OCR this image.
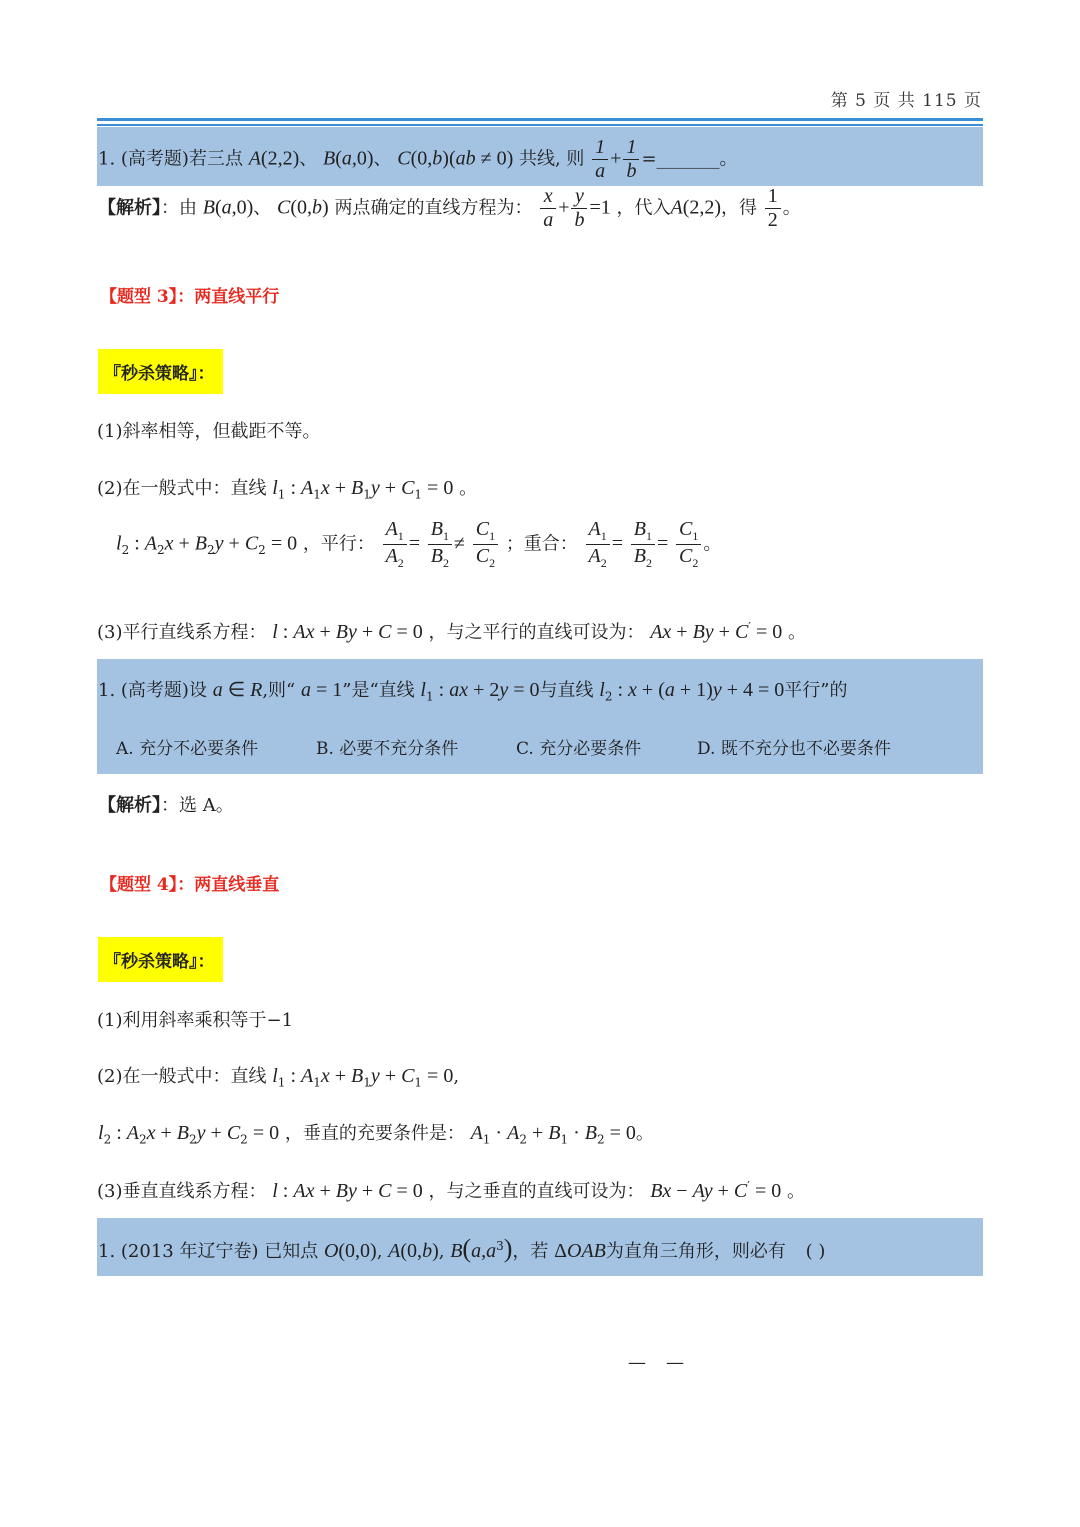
第 5 页 共 115 页
1. (高考题)若三点 A(2,2)、 B(a,0)、 C(0,b)(ab ≠ 0) 共线, 则 $\frac{1}{a} + \frac{1}{b}$ =_______。
【解析】：由 B(a,0)、 C(0,b) 两点确定的直线方程为： $\frac{x}{a} + \frac{y}{b} =1$ ，代入A(2,2)，得 $\frac{1}{2}$ 。
【题型 3】：两直线平行
『秒杀策略』：
(1)斜率相等，但截距不等。
(2)在一般式中：直线 $l_1$ : $A_1x + B_1y + C_1 = 0$ 。
$l_2$ : $A_2x + B_2y + C_2 = 0$ ，平行： $\frac{A_1}{A_2} = \frac{B_1}{B_2} \ne \frac{C_1}{C_2}$ ；重合： $\frac{A_1}{A_2} = \frac{B_1}{B_2} = \frac{C_1}{C_2}$ 。
(3)平行直线系方程： l : Ax + By + C = 0 ，与之平行的直线可设为： Ax + By + C′ = 0 。
1. (高考题)设 a ∈ R,则“ a = 1”是“直线 $l_1$ : ax + 2y = 0与直线 $l_2$ : x + (a + 1)y + 4 = 0平行”的
A. 充分不必要条件	B. 必要不充分条件	C. 充分必要条件	D. 既不充分也不必要条件
【解析】：选 A。
【题型 4】：两直线垂直
『秒杀策略』：
(1)利用斜率乘积等于−1
(2)在一般式中：直线 $l_1$ : $A_1x + B_1y + C_1 = 0$,
$l_2$ : $A_2x + B_2y + C_2 = 0$ ，垂直的充要条件是： $A_1 \cdot A_2 + B_1 \cdot B_2 = 0$。
(3)垂直直线系方程： l : Ax + By + C = 0 ，与之垂直的直线可设为： Bx − Ay + C′ = 0 。
1. (2013 年辽宁卷) 已知点 O(0,0), A(0,b), $B(a,a^3)$，若 ΔOAB为直角三角形，则必有 ( )
——
